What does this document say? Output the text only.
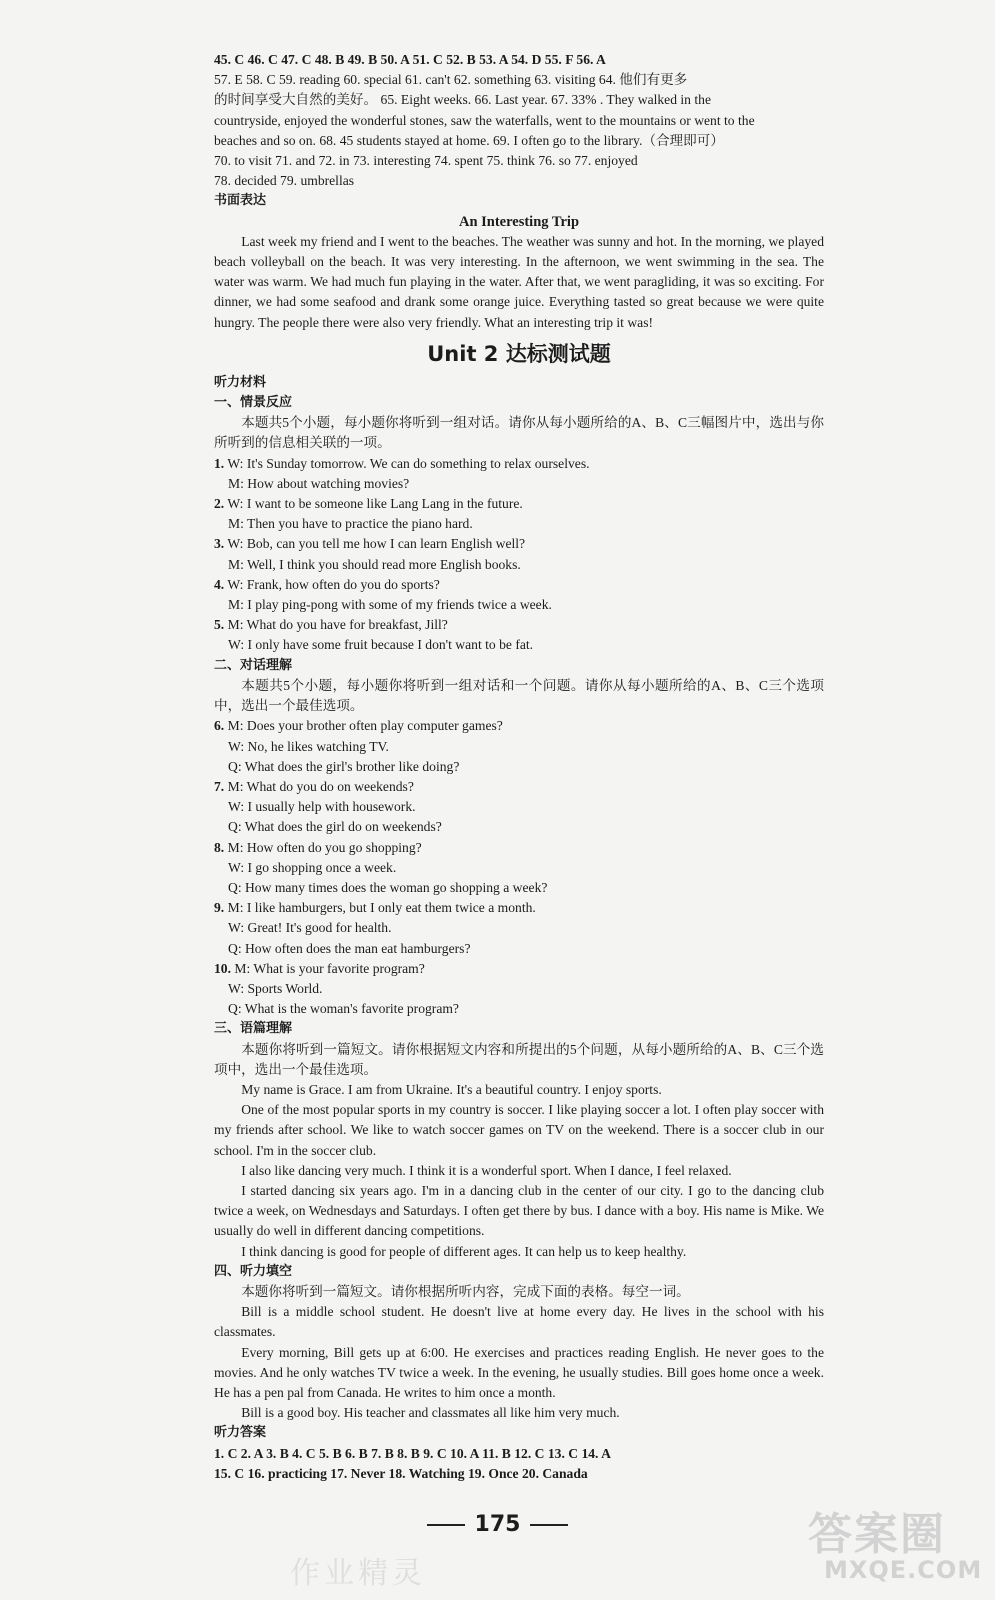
45. C 46. C 47. C 48. B 49. B 50. A 51. C 52. B 53. A 54. D 55. F 56. A
57. E 58. C 59. reading 60. special 61. can't 62. something 63. visiting 64. 他们有更多
的时间享受大自然的美好。 65. Eight weeks. 66. Last year. 67. 33% . They walked in the
countryside, enjoyed the wonderful stones, saw the waterfalls, went to the mountains or went to the
beaches and so on. 68. 45 students stayed at home. 69. I often go to the library.（合理即可）
70. to visit 71. and 72. in 73. interesting 74. spent 75. think 76. so 77. enjoyed
78. decided 79. umbrellas
书面表达
An Interesting Trip
Last week my friend and I went to the beaches. The weather was sunny and hot. In the morning, we played beach volleyball on the beach. It was very interesting. In the afternoon, we went swimming in the sea. The water was warm. We had much fun playing in the water. After that, we went paragliding, it was so exciting. For dinner, we had some seafood and drank some orange juice. Everything tasted so great because we were quite hungry. The people there were also very friendly. What an interesting trip it was!
Unit 2 达标测试题
听力材料
一、情景反应
本题共5个小题，每小题你将听到一组对话。请你从每小题所给的A、B、C三幅图片中，选出与你所听到的信息相关联的一项。
1. W: It's Sunday tomorrow. We can do something to relax ourselves.
M: How about watching movies?
2. W: I want to be someone like Lang Lang in the future.
M: Then you have to practice the piano hard.
3. W: Bob, can you tell me how I can learn English well?
M: Well, I think you should read more English books.
4. W: Frank, how often do you do sports?
M: I play ping-pong with some of my friends twice a week.
5. M: What do you have for breakfast, Jill?
W: I only have some fruit because I don't want to be fat.
二、对话理解
本题共5个小题，每小题你将听到一组对话和一个问题。请你从每小题所给的A、B、C三个选项中，选出一个最佳选项。
6. M: Does your brother often play computer games?
W: No, he likes watching TV.
Q: What does the girl's brother like doing?
7. M: What do you do on weekends?
W: I usually help with housework.
Q: What does the girl do on weekends?
8. M: How often do you go shopping?
W: I go shopping once a week.
Q: How many times does the woman go shopping a week?
9. M: I like hamburgers, but I only eat them twice a month.
W: Great! It's good for health.
Q: How often does the man eat hamburgers?
10. M: What is your favorite program?
W: Sports World.
Q: What is the woman's favorite program?
三、语篇理解
本题你将听到一篇短文。请你根据短文内容和所提出的5个问题，从每小题所给的A、B、C三个选项中，选出一个最佳选项。
My name is Grace. I am from Ukraine. It's a beautiful country. I enjoy sports.
One of the most popular sports in my country is soccer. I like playing soccer a lot. I often play soccer with my friends after school. We like to watch soccer games on TV on the weekend. There is a soccer club in our school. I'm in the soccer club.
I also like dancing very much. I think it is a wonderful sport. When I dance, I feel relaxed.
I started dancing six years ago. I'm in a dancing club in the center of our city. I go to the dancing club twice a week, on Wednesdays and Saturdays. I often get there by bus. I dance with a boy. His name is Mike. We usually do well in different dancing competitions.
I think dancing is good for people of different ages. It can help us to keep healthy.
四、听力填空
本题你将听到一篇短文。请你根据所听内容，完成下面的表格。每空一词。
Bill is a middle school student. He doesn't live at home every day. He lives in the school with his classmates.
Every morning, Bill gets up at 6:00. He exercises and practices reading English. He never goes to the movies. And he only watches TV twice a week. In the evening, he usually studies. Bill goes home once a week. He has a pen pal from Canada. He writes to him once a month.
Bill is a good boy. His teacher and classmates all like him very much.
听力答案
1. C 2. A 3. B 4. C 5. B 6. B 7. B 8. B 9. C 10. A 11. B 12. C 13. C 14. A
15. C 16. practicing 17. Never 18. Watching 19. Once 20. Canada
175
作业精灵
答案圈
MXQE.COM
